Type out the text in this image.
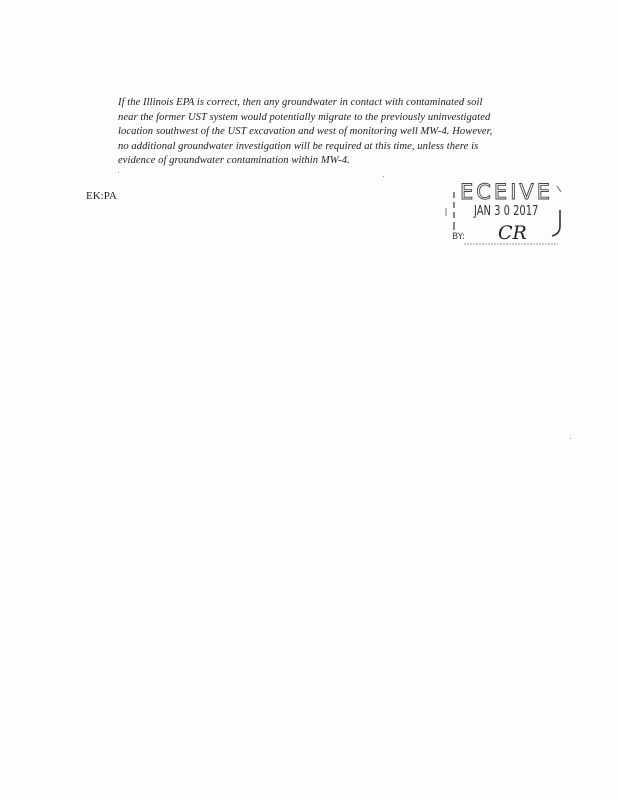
If the Illinois EPA is correct, then any groundwater in contact with contaminated soil
near the former UST system would potentially migrate to the previously uninvestigated
location southwest of the UST excavation and west of monitoring well MW-4. However,
no additional groundwater investigation will be required at this time, unless there is
evidence of groundwater contamination within MW-4.
EK:PA	ECEIVE
JAN 3 0 2017
BY: CR
